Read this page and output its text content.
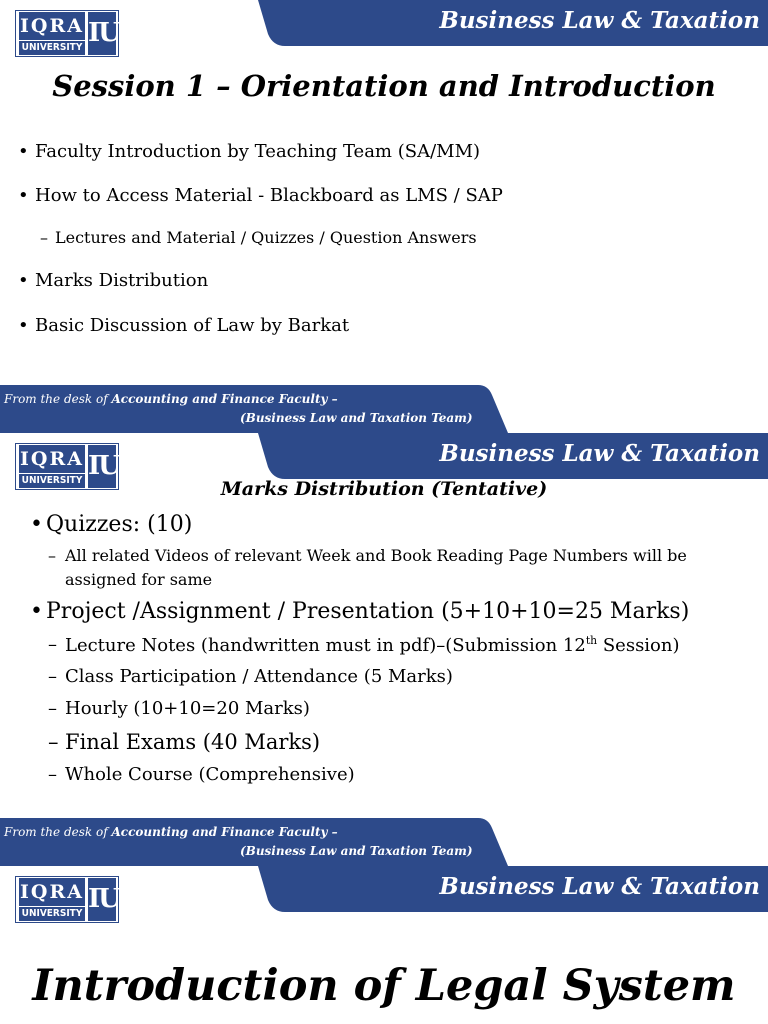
Business Law & Taxation
IQRA
UNIVERSITY IU
Session 1 – Orientation and Introduction
• Faculty Introduction by Teaching Team (SA/MM)
• How to Access Material - Blackboard as LMS / SAP
– Lectures and Material / Quizzes / Question Answers
• Marks Distribution
• Basic Discussion of Law by Barkat
From the desk of Accounting and Finance Faculty –
(Business Law and Taxation Team)
Business Law & Taxation
IQRA
UNIVERSITY IU
Marks Distribution (Tentative)
• Quizzes: (10)
– All related Videos of relevant Week and Book Reading Page Numbers will be
assigned for same
• Project /Assignment / Presentation (5+10+10=25 Marks)
– Lecture Notes (handwritten must in pdf)–(Submission 12th Session)
– Class Participation / Attendance (5 Marks)
– Hourly (10+10=20 Marks)
– Final Exams (40 Marks)
– Whole Course (Comprehensive)
From the desk of Accounting and Finance Faculty –
(Business Law and Taxation Team)
Business Law & Taxation
IQRA
UNIVERSITY IU
Introduction of Legal System
